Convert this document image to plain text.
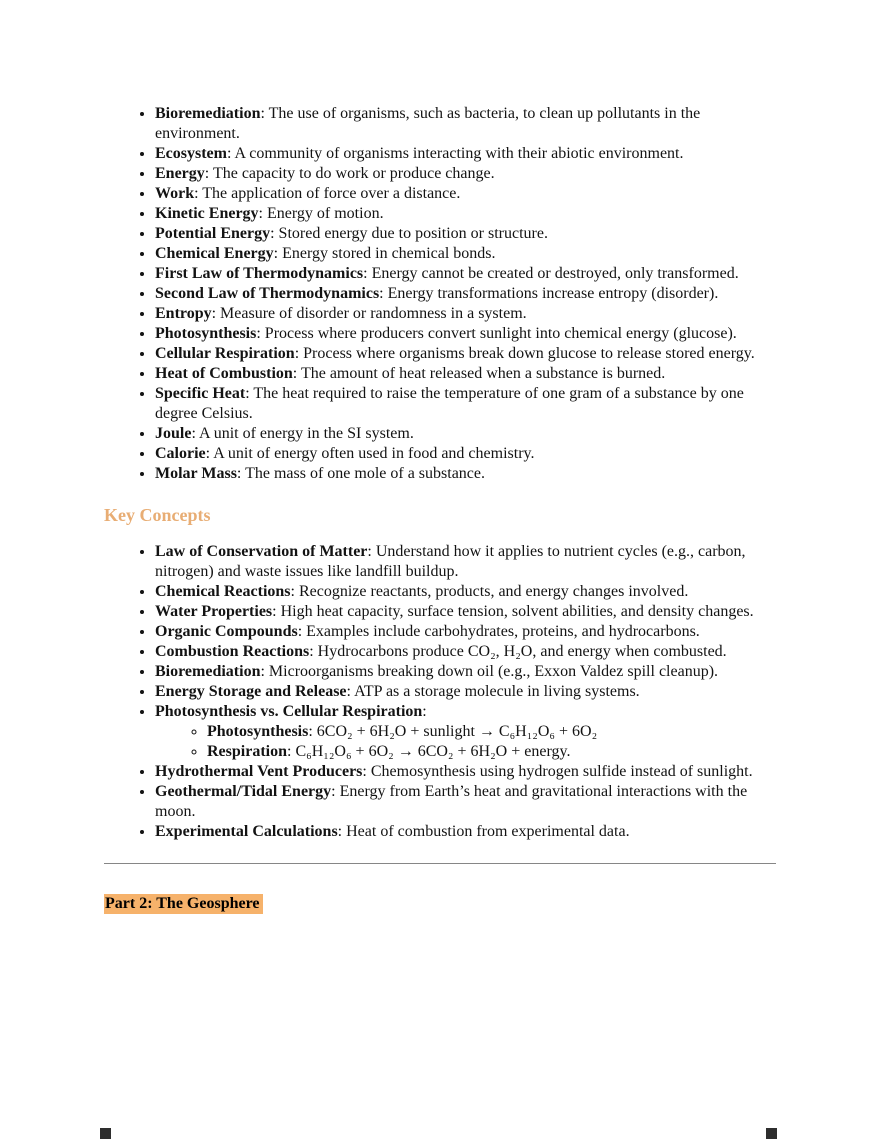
• Bioremediation: The use of organisms, such as bacteria, to clean up pollutants in the environment.
• Ecosystem: A community of organisms interacting with their abiotic environment.
• Energy: The capacity to do work or produce change.
• Work: The application of force over a distance.
• Kinetic Energy: Energy of motion.
• Potential Energy: Stored energy due to position or structure.
• Chemical Energy: Energy stored in chemical bonds.
• First Law of Thermodynamics: Energy cannot be created or destroyed, only transformed.
• Second Law of Thermodynamics: Energy transformations increase entropy (disorder).
• Entropy: Measure of disorder or randomness in a system.
• Photosynthesis: Process where producers convert sunlight into chemical energy (glucose).
• Cellular Respiration: Process where organisms break down glucose to release stored energy.
• Heat of Combustion: The amount of heat released when a substance is burned.
• Specific Heat: The heat required to raise the temperature of one gram of a substance by one degree Celsius.
• Joule: A unit of energy in the SI system.
• Calorie: A unit of energy often used in food and chemistry.
• Molar Mass: The mass of one mole of a substance.
Key Concepts
• Law of Conservation of Matter: Understand how it applies to nutrient cycles (e.g., carbon, nitrogen) and waste issues like landfill buildup.
• Chemical Reactions: Recognize reactants, products, and energy changes involved.
• Water Properties: High heat capacity, surface tension, solvent abilities, and density changes.
• Organic Compounds: Examples include carbohydrates, proteins, and hydrocarbons.
• Combustion Reactions: Hydrocarbons produce CO₂, H₂O, and energy when combusted.
• Bioremediation: Microorganisms breaking down oil (e.g., Exxon Valdez spill cleanup).
• Energy Storage and Release: ATP as a storage molecule in living systems.
• Photosynthesis vs. Cellular Respiration:
◦ Photosynthesis: 6CO₂ + 6H₂O + sunlight → C₆H₁₂O₆ + 6O₂
◦ Respiration: C₆H₁₂O₆ + 6O₂ → 6CO₂ + 6H₂O + energy.
• Hydrothermal Vent Producers: Chemosynthesis using hydrogen sulfide instead of sunlight.
• Geothermal/Tidal Energy: Energy from Earth’s heat and gravitational interactions with the moon.
• Experimental Calculations: Heat of combustion from experimental data.
Part 2: The Geosphere
